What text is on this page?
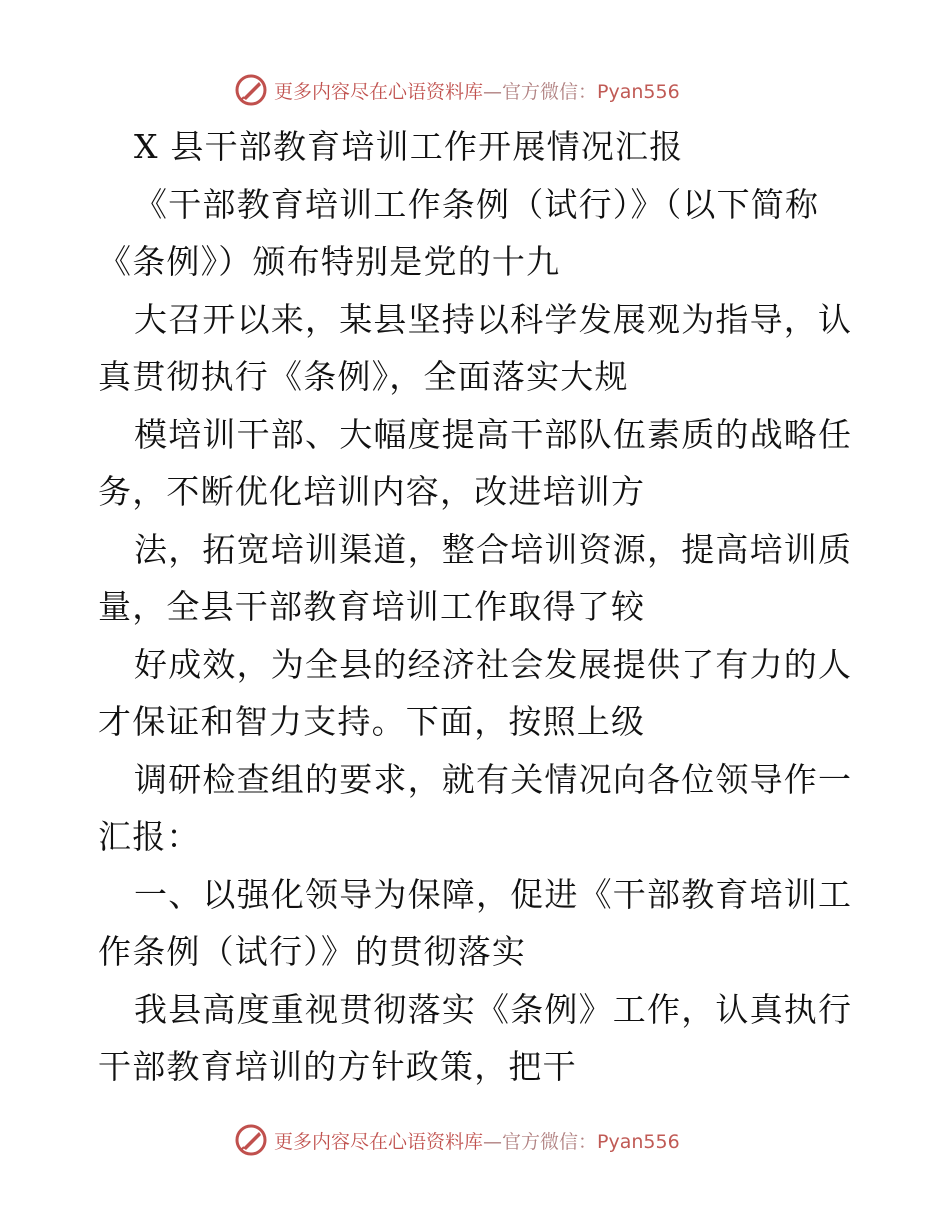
更多内容尽在心语资料库—官方微信：Pyan556
X 县干部教育培训工作开展情况汇报
《干部教育培训工作条例（试行）》（以下简称
《条例》）颁布特别是党的十九
大召开以来，某县坚持以科学发展观为指导，认
真贯彻执行《条例》，全面落实大规
模培训干部、大幅度提高干部队伍素质的战略任
务，不断优化培训内容，改进培训方
法，拓宽培训渠道，整合培训资源，提高培训质
量，全县干部教育培训工作取得了较
好成效，为全县的经济社会发展提供了有力的人
才保证和智力支持。下面，按照上级
调研检查组的要求，就有关情况向各位领导作一
汇报：
一、以强化领导为保障，促进《干部教育培训工
作条例（试行）》的贯彻落实
我县高度重视贯彻落实《条例》工作，认真执行
干部教育培训的方针政策，把干
更多内容尽在心语资料库—官方微信：Pyan556
